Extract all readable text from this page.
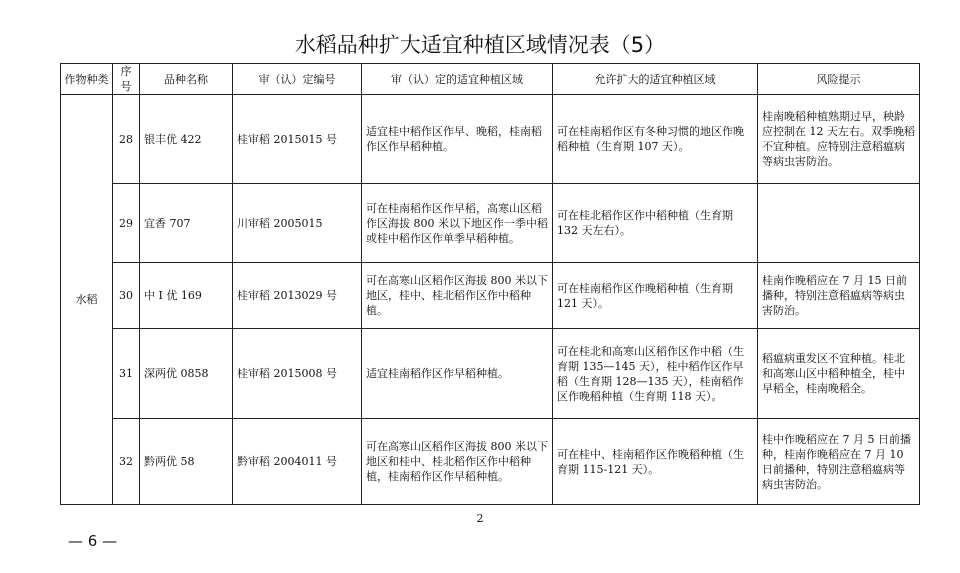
水稻品种扩大适宜种植区域情况表（5）
作物种类	序号	品种名称	审（认）定编号	审（认）定的适宜种植区域	允许扩大的适宜种植区域	风险提示
水稻	28	银丰优 422	桂审稻 2015015 号	适宜桂中稻作区作早、晚稻，桂南稻作区作早稻种植。	可在桂南稻作区有冬种习惯的地区作晚稻种植（生育期 107 天）。	桂南晚稻种植熟期过早，秧龄应控制在 12 天左右。双季晚稻不宜种植。应特别注意稻瘟病等病虫害防治。
	29	宜香 707	川审稻 2005015	可在桂南稻作区作早稻，高寒山区稻作区海拔 800 米以下地区作一季中稻或桂中稻作区作单季早稻种植。	可在桂北稻作区作中稻种植（生育期 132 天左右）。	
	30	中 I 优 169	桂审稻 2013029 号	可在高寒山区稻作区海拔 800 米以下地区，桂中、桂北稻作区作中稻种植。	可在桂南稻作区作晚稻种植（生育期 121 天）。	桂南作晚稻应在 7 月 15 日前播种，特别注意稻瘟病等病虫害防治。
	31	深两优 0858	桂审稻 2015008 号	适宜桂南稻作区作早稻种植。	可在桂北和高寒山区稻作区作中稻（生育期 135—145 天），桂中稻作区作早稻（生育期 128—135 天），桂南稻作区作晚稻种植（生育期 118 天）。	稻瘟病重发区不宜种植。桂北和高寒山区中稻种植全，桂中早稻全，桂南晚稻全。
	32	黔两优 58	黔审稻 2004011 号	可在高寒山区稻作区海拔 800 米以下地区和桂中、桂北稻作区作中稻种植，桂南稻作区作早稻种植。	可在桂中、桂南稻作区作晚稻种植（生育期 115-121 天）。	桂中作晚稻应在 7 月 5 日前播种，桂南作晚稻应在 7 月 10 日前播种，特别注意稻瘟病等病虫害防治。
2
— 6 —
